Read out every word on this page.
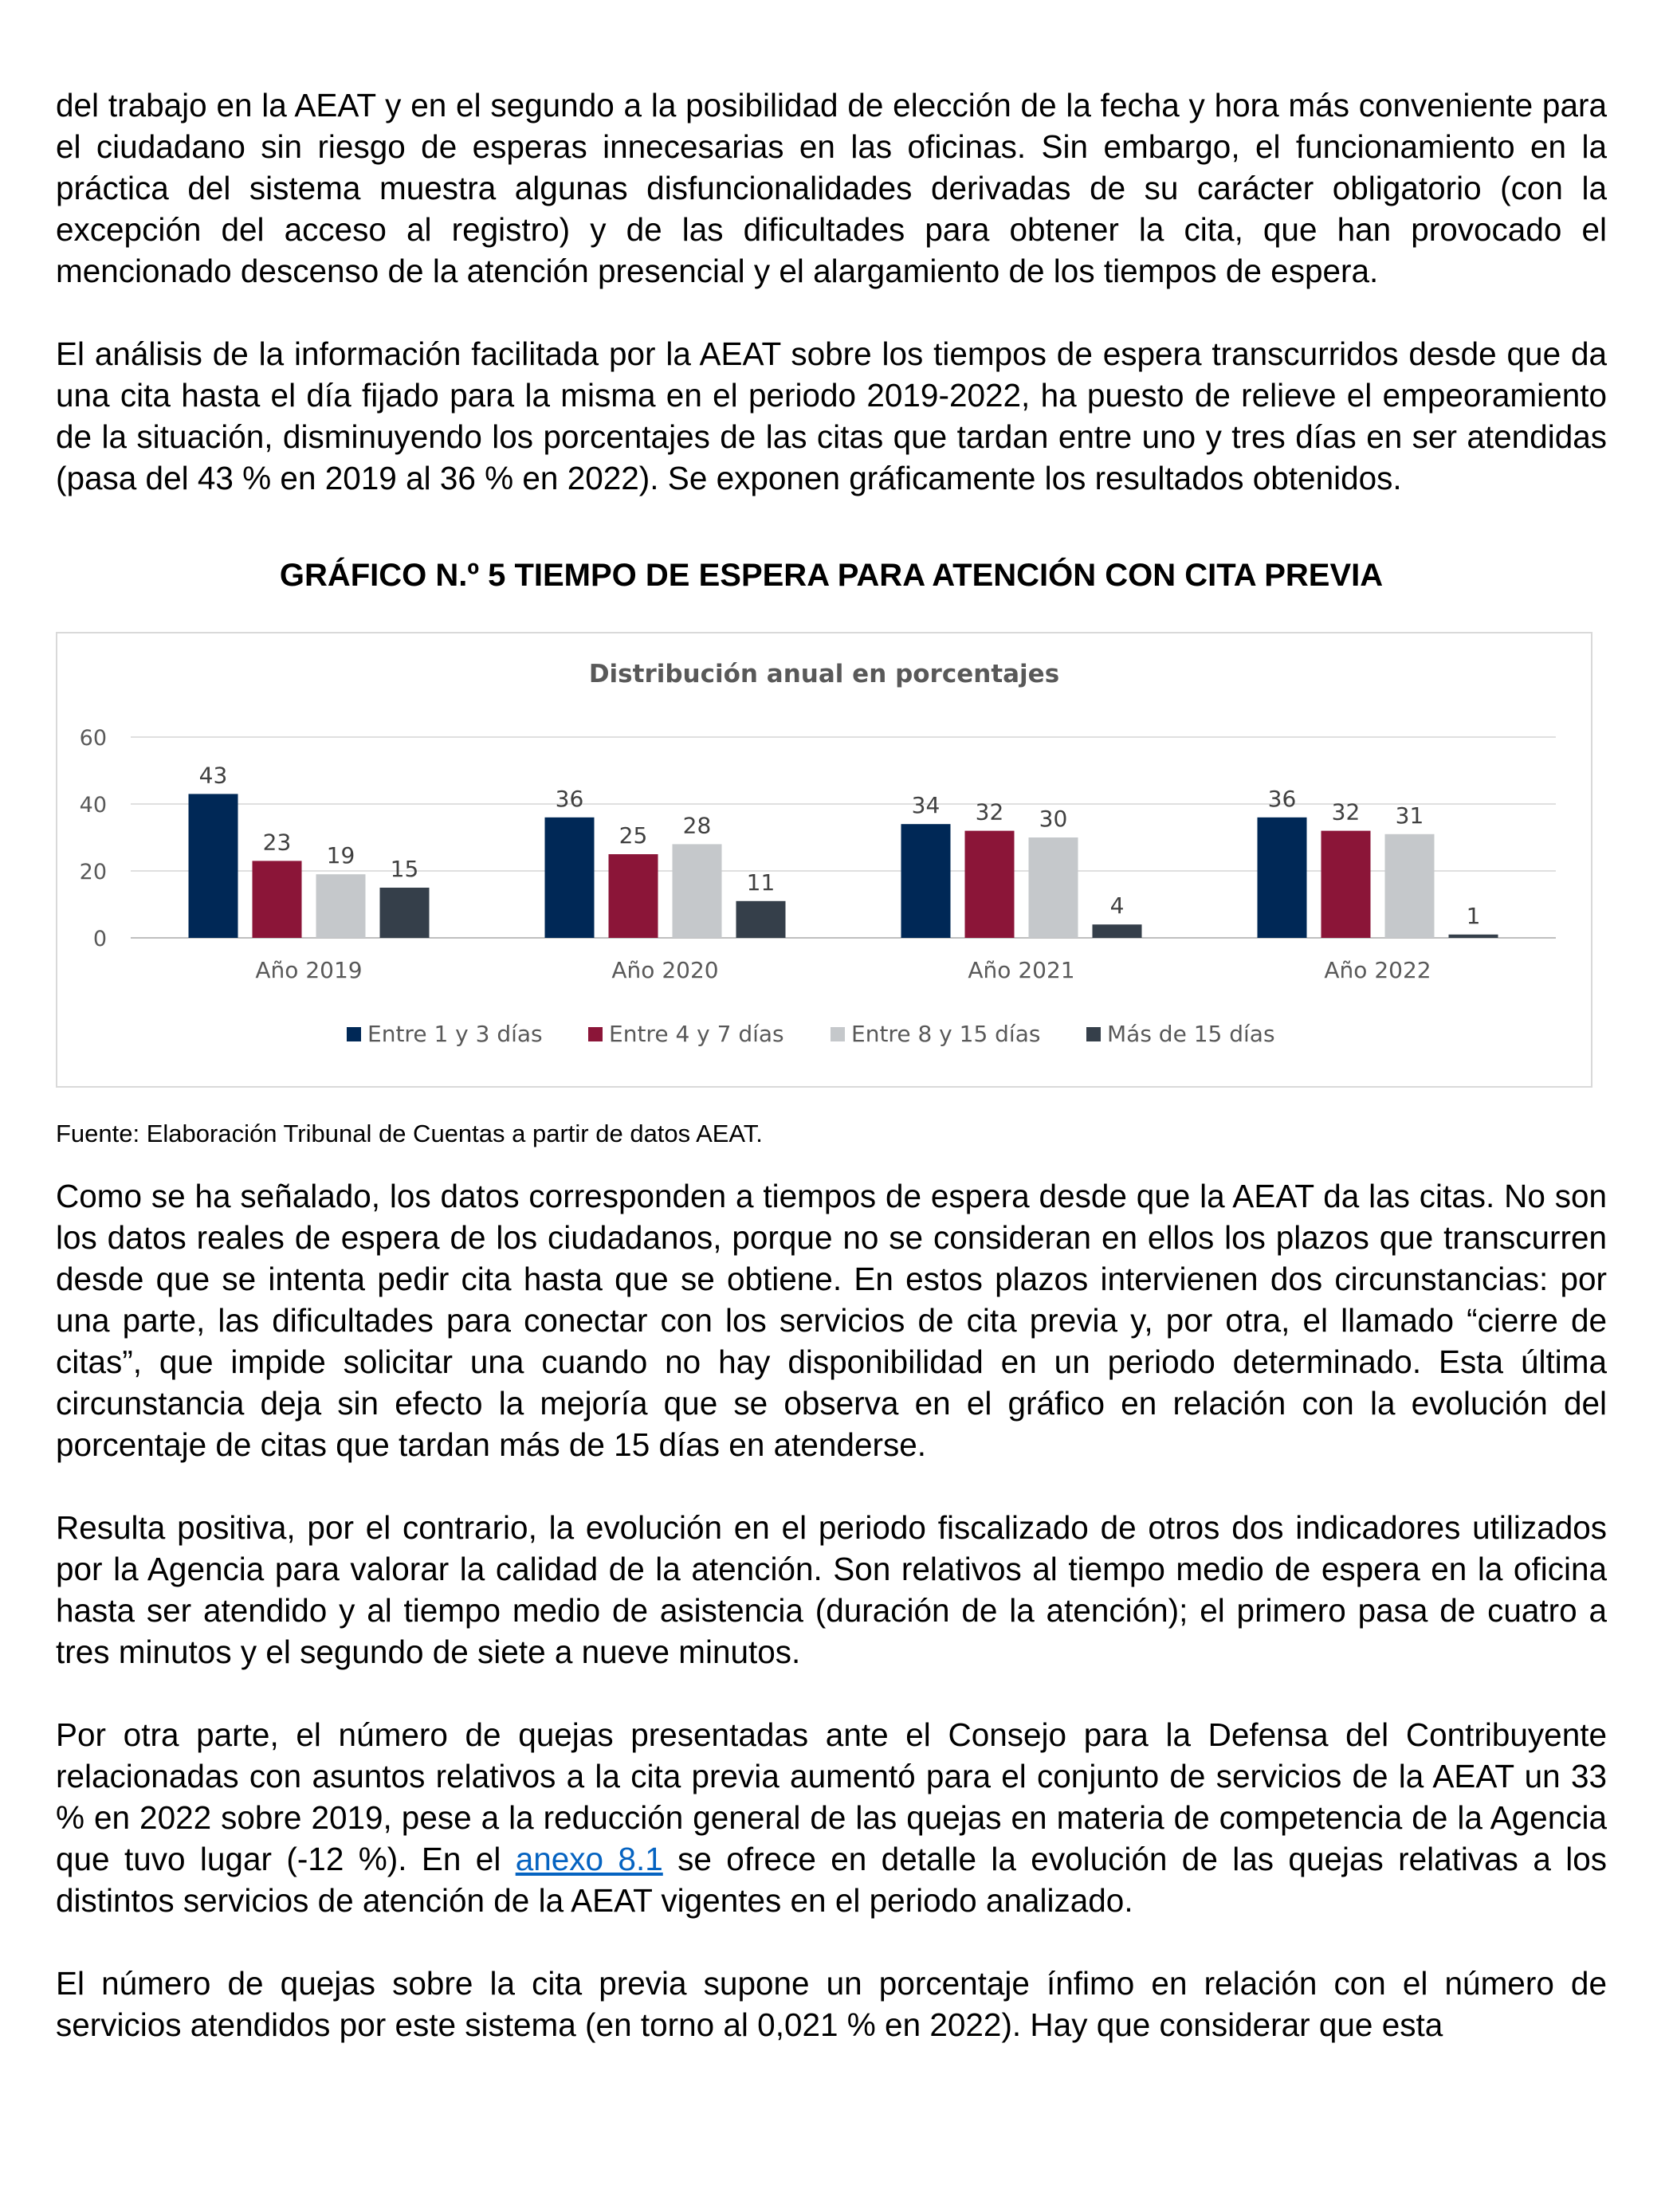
del trabajo en la AEAT y en el segundo a la posibilidad de elección de la fecha y hora más conveniente para el ciudadano sin riesgo de esperas innecesarias en las oficinas. Sin embargo, el funcionamiento en la práctica del sistema muestra algunas disfuncionalidades derivadas de su carácter obligatorio (con la excepción del acceso al registro) y de las dificultades para obtener la cita, que han provocado el mencionado descenso de la atención presencial y el alargamiento de los tiempos de espera.

El análisis de la información facilitada por la AEAT sobre los tiempos de espera transcurridos desde que da una cita hasta el día fijado para la misma en el periodo 2019-2022, ha puesto de relieve el empeoramiento de la situación, disminuyendo los porcentajes de las citas que tardan entre uno y tres días en ser atendidas (pasa del 43 % en 2019 al 36 % en 2022). Se exponen gráficamente los resultados obtenidos.

GRÁFICO N.º 5 TIEMPO DE ESPERA PARA ATENCIÓN CON CITA PREVIA
Distribución anual en porcentajes
0
20
40
60
43
23
19
15
Año 2019
36
25 28
11
Año 2020
34 32 30
4
Año 2021
36
32 31
1
Año 2022
Entre 1 y 3 días	Entre 4 y 7 días	Entre 8 y 15 días	Más de 15 días
Fuente: Elaboración Tribunal de Cuentas a partir de datos AEAT.

Como se ha señalado, los datos corresponden a tiempos de espera desde que la AEAT da las citas. No son los datos reales de espera de los ciudadanos, porque no se consideran en ellos los plazos que transcurren desde que se intenta pedir cita hasta que se obtiene. En estos plazos intervienen dos circunstancias: por una parte, las dificultades para conectar con los servicios de cita previa y, por otra, el llamado “cierre de citas”, que impide solicitar una cuando no hay disponibilidad en un periodo determinado. Esta última circunstancia deja sin efecto la mejoría que se observa en el gráfico en relación con la evolución del porcentaje de citas que tardan más de 15 días en atenderse.

Resulta positiva, por el contrario, la evolución en el periodo fiscalizado de otros dos indicadores utilizados por la Agencia para valorar la calidad de la atención. Son relativos al tiempo medio de espera en la oficina hasta ser atendido y al tiempo medio de asistencia (duración de la atención); el primero pasa de cuatro a tres minutos y el segundo de siete a nueve minutos.

Por otra parte, el número de quejas presentadas ante el Consejo para la Defensa del Contribuyente relacionadas con asuntos relativos a la cita previa aumentó para el conjunto de servicios de la AEAT un 33 % en 2022 sobre 2019, pese a la reducción general de las quejas en materia de competencia de la Agencia que tuvo lugar (-12 %). En el anexo 8.1 se ofrece en detalle la evolución de las quejas relativas a los distintos servicios de atención de la AEAT vigentes en el periodo analizado.

El número de quejas sobre la cita previa supone un porcentaje ínfimo en relación con el número de servicios atendidos por este sistema (en torno al 0,021 % en 2022). Hay que considerar que esta
